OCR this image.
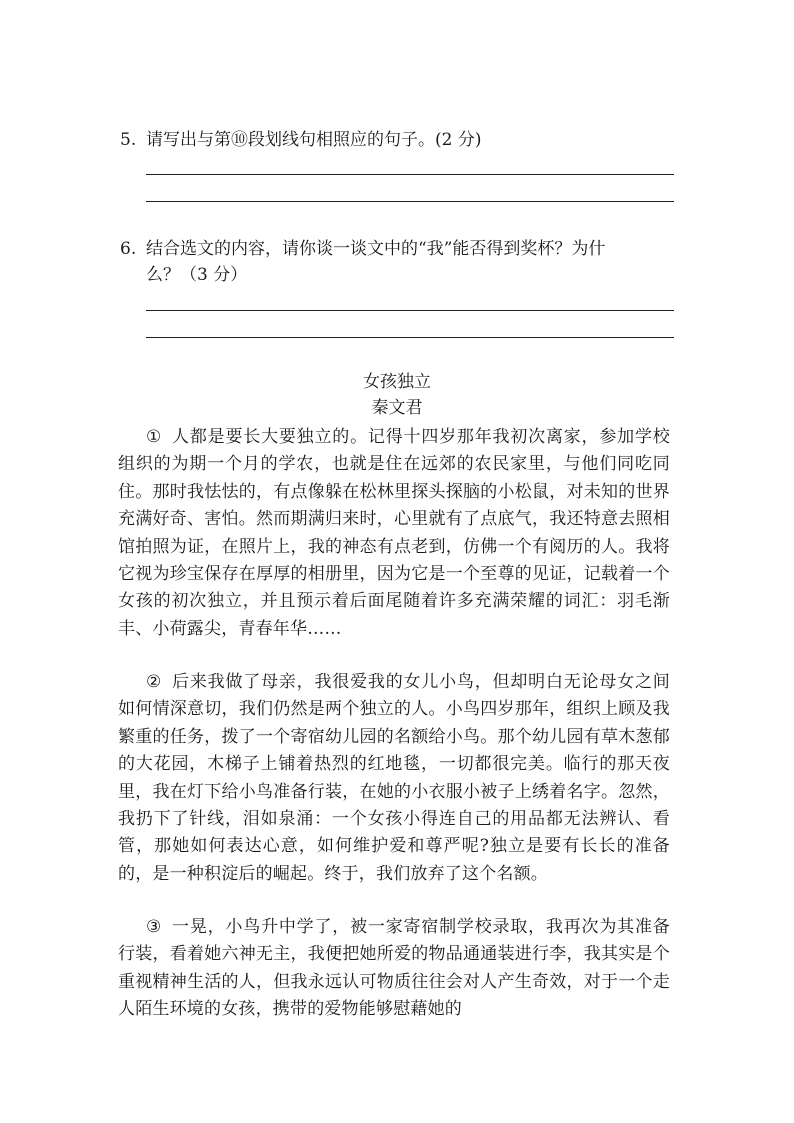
5. 请写出与第⑩段划线句相照应的句子。(2 分)
6. 结合选文的内容，请你谈一谈文中的“我”能否得到奖杯？为什
么？（3 分）
女孩独立
秦文君
① 人都是要长大要独立的。记得十四岁那年我初次离家，参加学校组织的为期一个月的学农，也就是住在远郊的农民家里，与他们同吃同住。那时我怯怯的，有点像躲在松林里探头探脑的小松鼠，对未知的世界充满好奇、害怕。然而期满归来时，心里就有了点底气，我还特意去照相馆拍照为证，在照片上，我的神态有点老到，仿佛一个有阅历的人。我将它视为珍宝保存在厚厚的相册里，因为它是一个至尊的见证，记载着一个女孩的初次独立，并且预示着后面尾随着许多充满荣耀的词汇：羽毛渐丰、小荷露尖，青春年华……
② 后来我做了母亲，我很爱我的女儿小鸟，但却明白无论母女之间如何情深意切，我们仍然是两个独立的人。小鸟四岁那年，组织上顾及我繁重的任务，拨了一个寄宿幼儿园的名额给小鸟。那个幼儿园有草木葱郁的大花园，木梯子上铺着热烈的红地毯，一切都很完美。临行的那天夜里，我在灯下给小鸟准备行装，在她的小衣服小被子上绣着名字。忽然，我扔下了针线，泪如泉涌：一个女孩小得连自己的用品都无法辨认、看管，那她如何表达心意，如何维护爱和尊严呢?独立是要有长长的准备的，是一种积淀后的崛起。终于，我们放弃了这个名额。
③ 一晃，小鸟升中学了，被一家寄宿制学校录取，我再次为其准备行装，看着她六神无主，我便把她所爱的物品通通装进行李，我其实是个重视精神生活的人，但我永远认可物质往往会对人产生奇效，对于一个走人陌生环境的女孩，携带的爱物能够慰藉她的
